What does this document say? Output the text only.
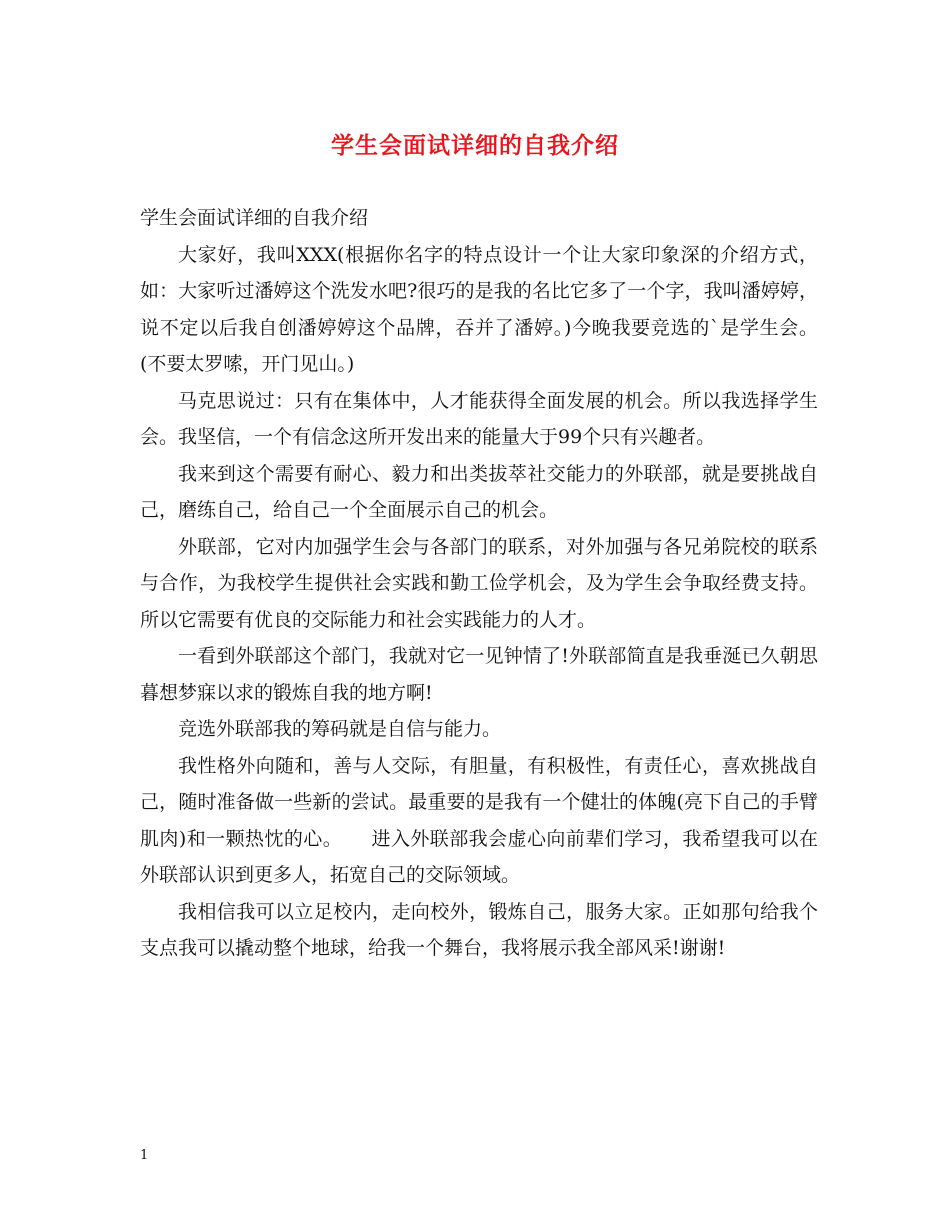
学生会面试详细的自我介绍

学生会面试详细的自我介绍

大家好，我叫XXX(根据你名字的特点设计一个让大家印象深的介绍方式，如：大家听过潘婷这个洗发水吧?很巧的是我的名比它多了一个字，我叫潘婷婷，说不定以后我自创潘婷婷这个品牌，吞并了潘婷。)今晚我要竞选的`是学生会。(不要太罗嗦，开门见山。)

马克思说过：只有在集体中，人才能获得全面发展的机会。所以我选择学生会。我坚信，一个有信念这所开发出来的能量大于99个只有兴趣者。

我来到这个需要有耐心、毅力和出类拔萃社交能力的外联部，就是要挑战自己，磨练自己，给自己一个全面展示自己的机会。

外联部，它对内加强学生会与各部门的联系，对外加强与各兄弟院校的联系与合作，为我校学生提供社会实践和勤工俭学机会，及为学生会争取经费支持。所以它需要有优良的交际能力和社会实践能力的人才。

一看到外联部这个部门，我就对它一见钟情了!外联部简直是我垂涎已久朝思暮想梦寐以求的锻炼自我的地方啊!

竞选外联部我的筹码就是自信与能力。

我性格外向随和，善与人交际，有胆量，有积极性，有责任心，喜欢挑战自己，随时准备做一些新的尝试。最重要的是我有一个健壮的体魄(亮下自己的手臂肌肉)和一颗热忱的心。　　进入外联部我会虚心向前辈们学习，我希望我可以在外联部认识到更多人，拓宽自己的交际领域。

我相信我可以立足校内，走向校外，锻炼自己，服务大家。正如那句给我个支点我可以撬动整个地球，给我一个舞台，我将展示我全部风采!谢谢!

1
